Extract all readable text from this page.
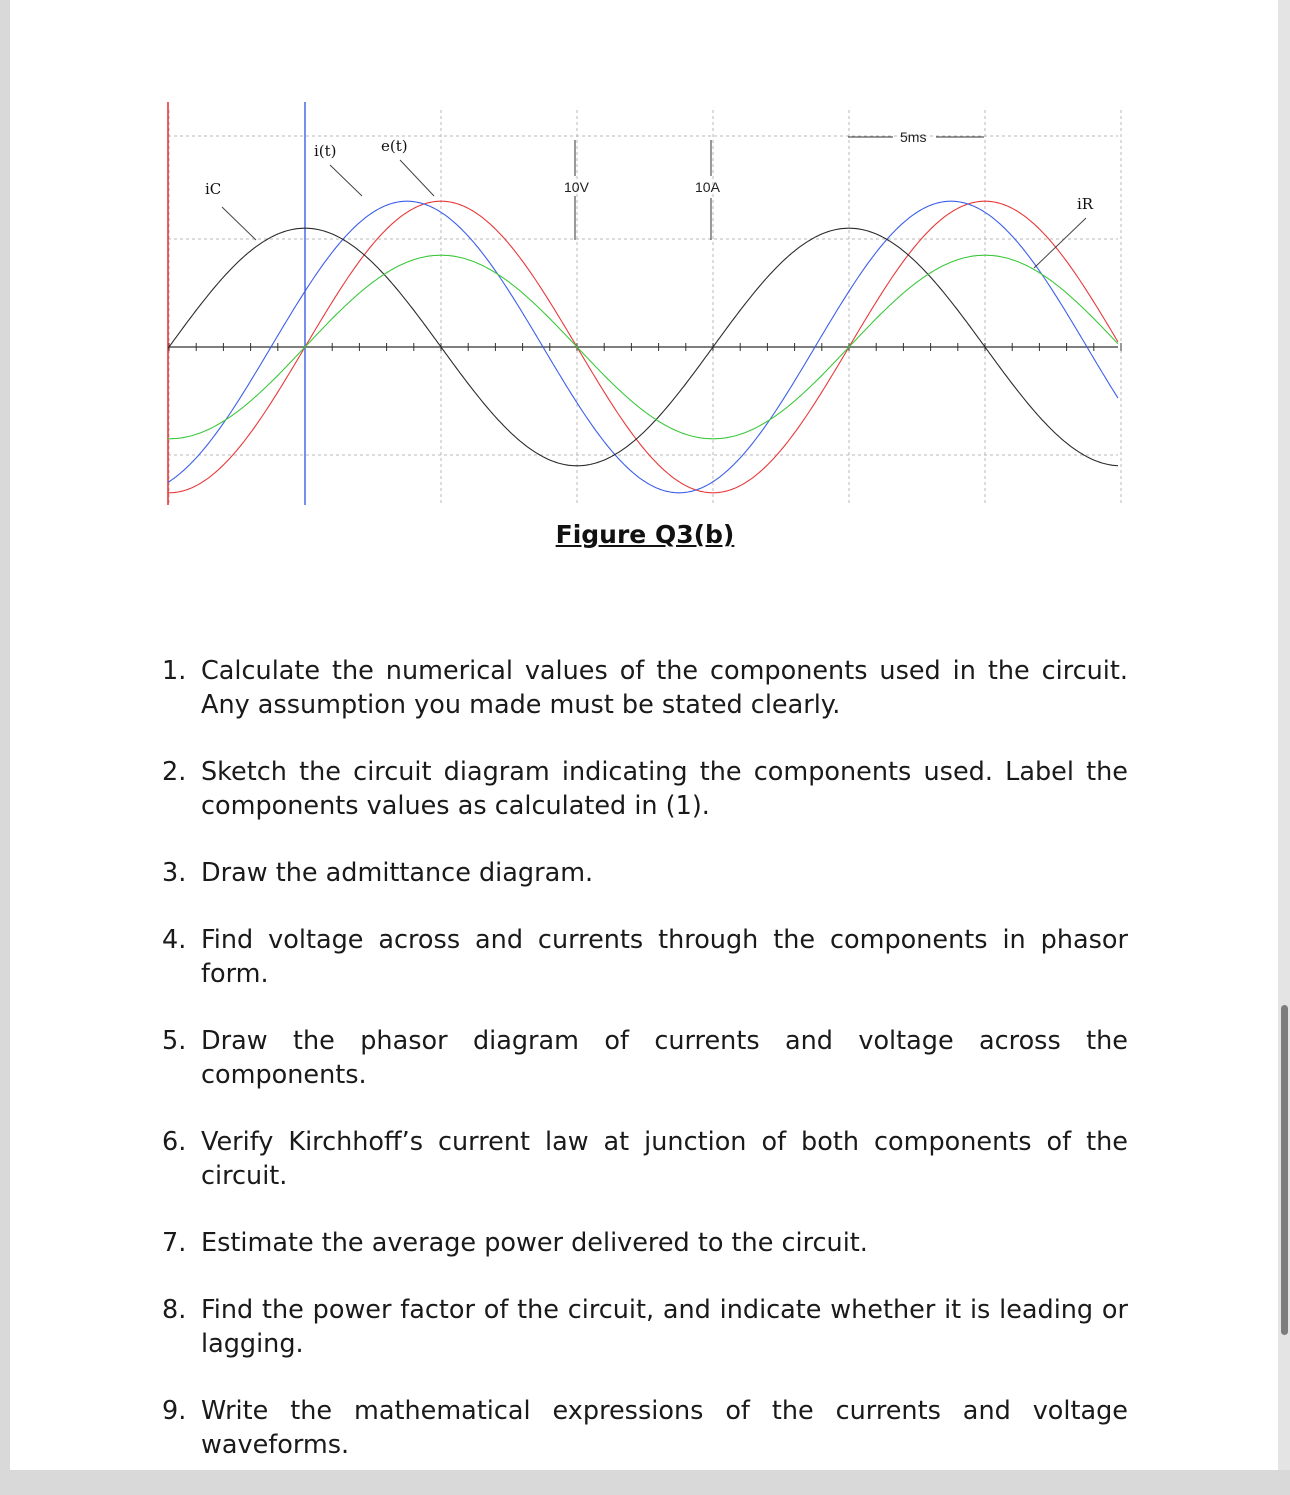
i(t)	e(t)
iC
iR
10V	10A
5ms
Figure Q3(b)
1. Calculate the numerical values of the components used in the circuit. Any assumption you made must be stated clearly.
2. Sketch the circuit diagram indicating the components used. Label the components values as calculated in (1).
3. Draw the admittance diagram.
4. Find voltage across and currents through the components in phasor form.
5. Draw the phasor diagram of currents and voltage across the components.
6. Verify Kirchhoff’s current law at junction of both components of the circuit.
7. Estimate the average power delivered to the circuit.
8. Find the power factor of the circuit, and indicate whether it is leading or lagging.
9. Write the mathematical expressions of the currents and voltage waveforms.
